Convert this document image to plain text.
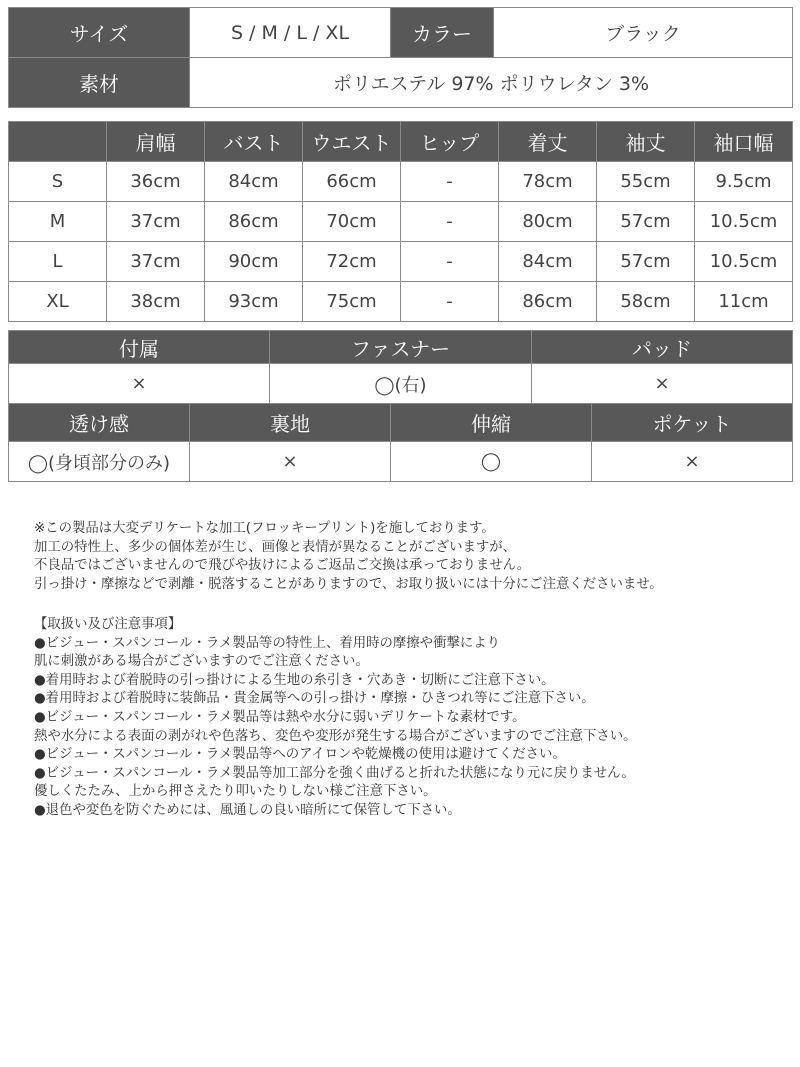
サイズ	S / M / L / XL	カラー	ブラック
素材	ポリエステル 97% ポリウレタン 3%		
	肩幅	バスト	ウエスト	ヒップ	着丈	袖丈	袖口幅
S	36cm	84cm	66cm	-	78cm	55cm	9.5cm
M	37cm	86cm	70cm	-	80cm	57cm	10.5cm
L	37cm	90cm	72cm	-	84cm	57cm	10.5cm
XL	38cm	93cm	75cm	-	86cm	58cm	11cm
付属	ファスナー	パッド
×	◯(右)	×
透け感	裏地	伸縮	ポケット
◯(身頃部分のみ)	×	◯	×
※この製品は大変デリケートな加工(フロッキープリント)を施しております。
加工の特性上、多少の個体差が生じ、画像と表情が異なることがございますが、
不良品ではございませんので飛びや抜けによるご返品ご交換は承っておりません。
引っ掛け・摩擦などで剥離・脱落することがありますので、お取り扱いには十分にご注意くださいませ。
【取扱い及び注意事項】
●ビジュー・スパンコール・ラメ製品等の特性上、着用時の摩擦や衝撃により
肌に刺激がある場合がございますのでご注意ください。
●着用時および着脱時の引っ掛けによる生地の糸引き・穴あき・切断にご注意下さい。
●着用時および着脱時に装飾品・貴金属等への引っ掛け・摩擦・ひきつれ等にご注意下さい。
●ビジュー・スパンコール・ラメ製品等は熱や水分に弱いデリケートな素材です。
熱や水分による表面の剥がれや色落ち、変色や変形が発生する場合がございますのでご注意下さい。
●ビジュー・スパンコール・ラメ製品等へのアイロンや乾燥機の使用は避けてください。
●ビジュー・スパンコール・ラメ製品等加工部分を強く曲げると折れた状態になり元に戻りません。
優しくたたみ、上から押さえたり叩いたりしない様ご注意下さい。
●退色や変色を防ぐためには、風通しの良い暗所にて保管して下さい。
